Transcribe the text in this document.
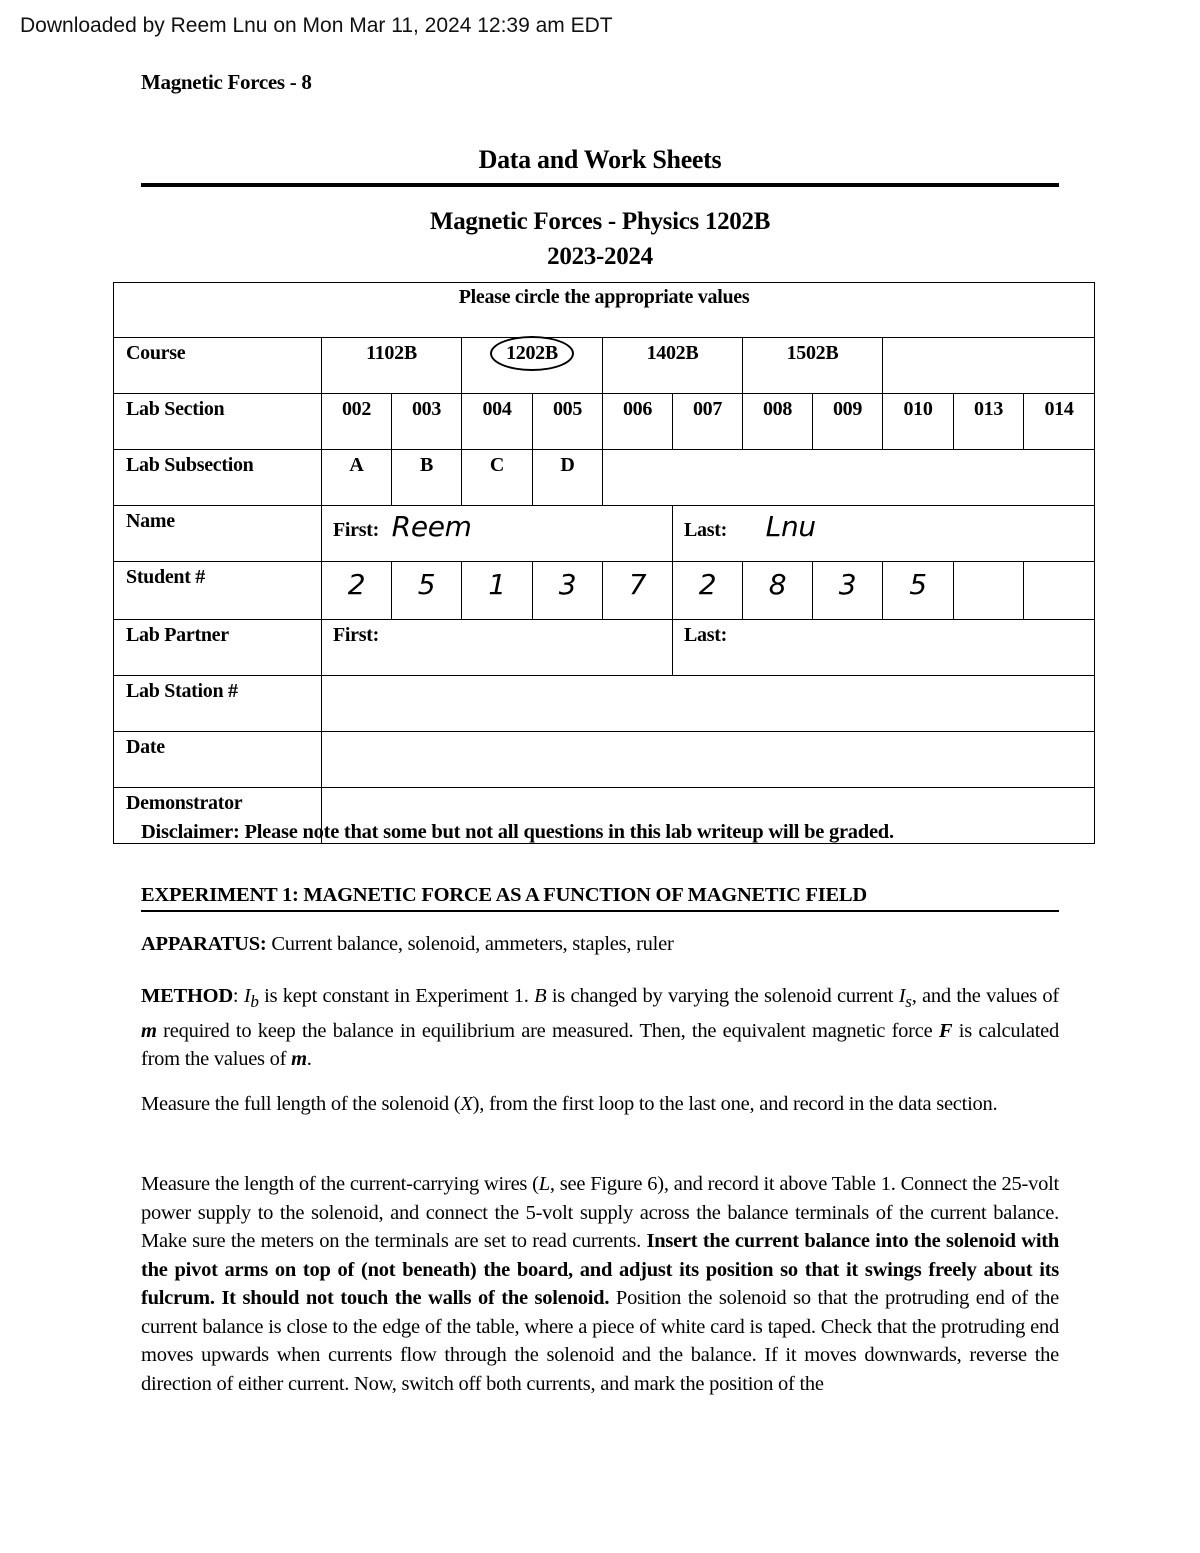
Downloaded by Reem Lnu on Mon Mar 11, 2024 12:39 am EDT
Magnetic Forces - 8
Data and Work Sheets
Magnetic Forces - Physics 1202B
2023-2024
Please circle the appropriate values											
Course	1102B		1202B		1402B		1502B				
Lab Section	002	003	004	005	006	007	008	009	010	013	014
Lab Subsection	A	B	C	D							
Name	First: Reem					Last: Lnu					
Student #	2	5	1	3	7	2	8	3	5		
Lab Partner	First:					Last:					
Lab Station #											
Date											
Demonstrator											
Disclaimer: Please note that some but not all questions in this lab writeup will be graded.
EXPERIMENT 1: MAGNETIC FORCE AS A FUNCTION OF MAGNETIC FIELD
APPARATUS: Current balance, solenoid, ammeters, staples, ruler
METHOD: $I_b$ is kept constant in Experiment 1. B is changed by varying the solenoid current $I_s$, and the values of m required to keep the balance in equilibrium are measured. Then, the equivalent magnetic force F is calculated from the values of m.
Measure the full length of the solenoid (X), from the first loop to the last one, and record in the data section.
Measure the length of the current-carrying wires (L, see Figure 6), and record it above Table 1. Connect the 25-volt power supply to the solenoid, and connect the 5-volt supply across the balance terminals of the current balance. Make sure the meters on the terminals are set to read currents. Insert the current balance into the solenoid with the pivot arms on top of (not beneath) the board, and adjust its position so that it swings freely about its fulcrum. It should not touch the walls of the solenoid. Position the solenoid so that the protruding end of the current balance is close to the edge of the table, where a piece of white card is taped. Check that the protruding end moves upwards when currents flow through the solenoid and the balance. If it moves downwards, reverse the direction of either current. Now, switch off both currents, and mark the position of the
